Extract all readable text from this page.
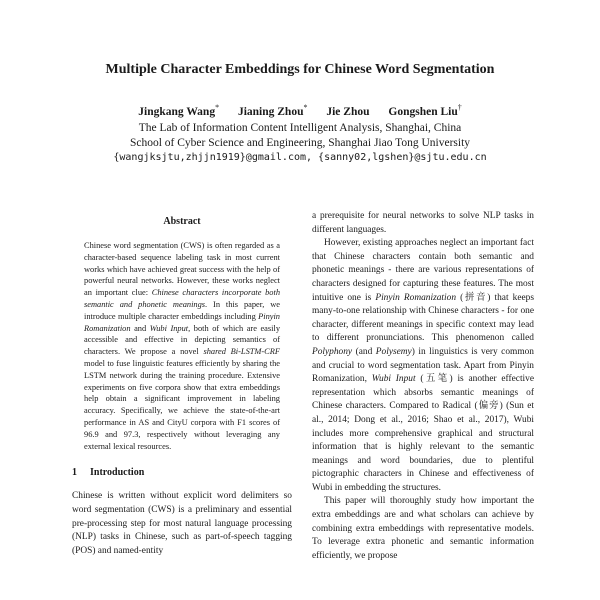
Multiple Character Embeddings for Chinese Word Segmentation
Jingkang Wang* Jianing Zhou* Jie Zhou Gongshen Liu†
The Lab of Information Content Intelligent Analysis, Shanghai, China
School of Cyber Science and Engineering, Shanghai Jiao Tong University
{wangjksjtu,zhjjn1919}@gmail.com, {sanny02,lgshen}@sjtu.edu.cn
Abstract

Chinese word segmentation (CWS) is often regarded as a character-based sequence labeling task in most current works which have achieved great success with the help of powerful neural networks. However, these works neglect an important clue: Chinese characters incorporate both semantic and phonetic meanings. In this paper, we introduce multiple character embeddings including Pinyin Romanization and Wubi Input, both of which are easily accessible and effective in depicting semantics of characters. We propose a novel shared Bi-LSTM-CRF model to fuse linguistic features efficiently by sharing the LSTM network during the training procedure. Extensive experiments on five corpora show that extra embeddings help obtain a significant improvement in labeling accuracy. Specifically, we achieve the state-of-the-art performance in AS and CityU corpora with F1 scores of 96.9 and 97.3, respectively without leveraging any external lexical resources.

1 Introduction

Chinese is written without explicit word delimiters so word segmentation (CWS) is a preliminary and essential pre-processing step for most natural language processing (NLP) tasks in Chinese, such as part-of-speech tagging (POS) and named-entity

a prerequisite for neural networks to solve NLP tasks in different languages.

However, existing approaches neglect an important fact that Chinese characters contain both semantic and phonetic meanings - there are various representations of characters designed for capturing these features. The most intuitive one is Pinyin Romanization (拼音) that keeps many-to-one relationship with Chinese characters - for one character, different meanings in specific context may lead to different pronunciations. This phenomenon called Polyphony (and Polysemy) in linguistics is very common and crucial to word segmentation task. Apart from Pinyin Romanization, Wubi Input (五笔) is another effective representation which absorbs semantic meanings of Chinese characters. Compared to Radical (偏旁) (Sun et al., 2014; Dong et al., 2016; Shao et al., 2017), Wubi includes more comprehensive graphical and structural information that is highly relevant to the semantic meanings and word boundaries, due to plentiful pictographic characters in Chinese and effectiveness of Wubi in embedding the structures.

This paper will thoroughly study how important the extra embeddings are and what scholars can achieve by combining extra embeddings with representative models. To leverage extra phonetic and semantic information efficiently, we propose
